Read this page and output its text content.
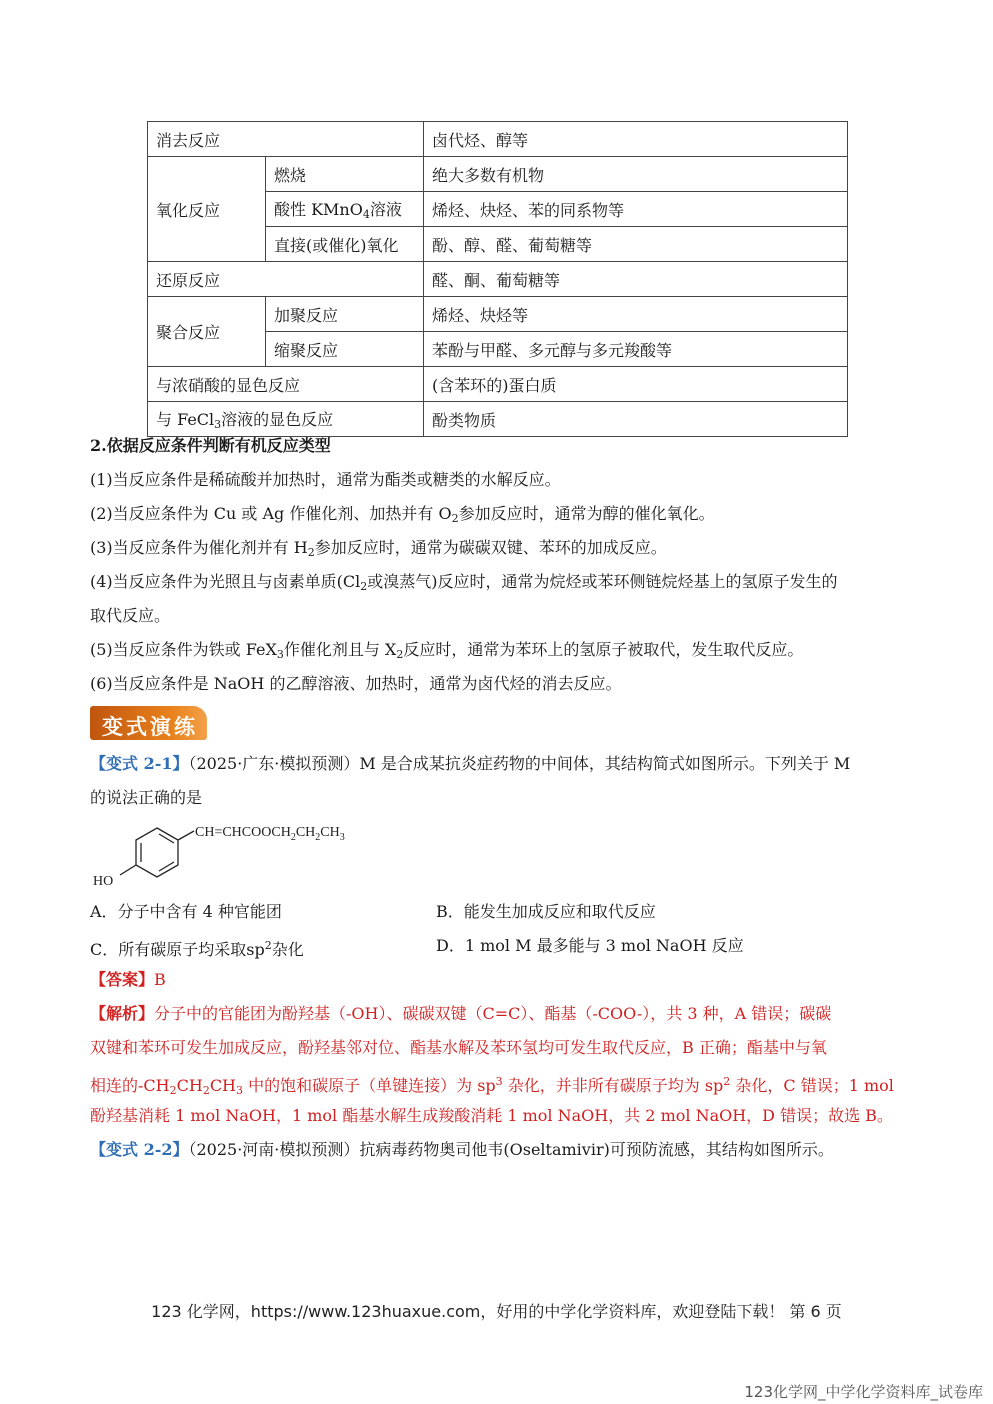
消去反应		卤代烃、醇等
氧化反应	燃烧	绝大多数有机物
	酸性 KMnO$_4$溶液	烯烃、炔烃、苯的同系物等
	直接(或催化)氧化	酚、醇、醛、葡萄糖等
还原反应		醛、酮、葡萄糖等
聚合反应	加聚反应	烯烃、炔烃等
	缩聚反应	苯酚与甲醛、多元醇与多元羧酸等
与浓硝酸的显色反应		(含苯环的)蛋白质
与 FeCl$_3$溶液的显色反应		酚类物质
2.依据反应条件判断有机反应类型
(1)当反应条件是稀硫酸并加热时，通常为酯类或糖类的水解反应。
(2)当反应条件为 Cu 或 Ag 作催化剂、加热并有 $O_2$参加反应时，通常为醇的催化氧化。
(3)当反应条件为催化剂并有 $H_2$参加反应时，通常为碳碳双键、苯环的加成反应。
(4)当反应条件为光照且与卤素单质($Cl_2$或溴蒸气)反应时，通常为烷烃或苯环侧链烷烃基上的氢原子发生的
取代反应。
(5)当反应条件为铁或 FeX$_3$作催化剂且与 $X_2$反应时，通常为苯环上的氢原子被取代，发生取代反应。
(6)当反应条件是 NaOH 的乙醇溶液、加热时，通常为卤代烃的消去反应。
变式演练
【变式 2-1】（2025·广东·模拟预测）M 是合成某抗炎症药物的中间体，其结构简式如图所示。下列关于 M
的说法正确的是
$CH=CHCOOCH_2CH_2CH_3$
HO
A．分子中含有 4 种官能团	B．能发生加成反应和取代反应
C．所有碳原子均采取$sp^2$杂化	D．1 mol M 最多能与 3 mol NaOH 反应
【答案】B
【解析】分子中的官能团为酚羟基（-OH）、碳碳双键（C=C）、酯基（-COO-），共 3 种，A 错误；碳碳
双键和苯环可发生加成反应，酚羟基邻对位、酯基水解及苯环氢均可发生取代反应，B 正确；酯基中与氧
相连的$-CH_2CH_2CH_3$ 中的饱和碳原子（单键连接）为 $sp^3$ 杂化，并非所有碳原子均为 $sp^2$ 杂化，C 错误；1 mol
酚羟基消耗 1 mol NaOH，1 mol 酯基水解生成羧酸消耗 1 mol NaOH，共 2 mol NaOH，D 错误；故选 B。
【变式 2-2】（2025·河南·模拟预测）抗病毒药物奥司他韦(Oseltamivir)可预防流感，其结构如图所示。
123 化学网，https://www.123huaxue.com，好用的中学化学资料库，欢迎登陆下载！ 第 6 页
123化学网_中学化学资料库_试卷库
